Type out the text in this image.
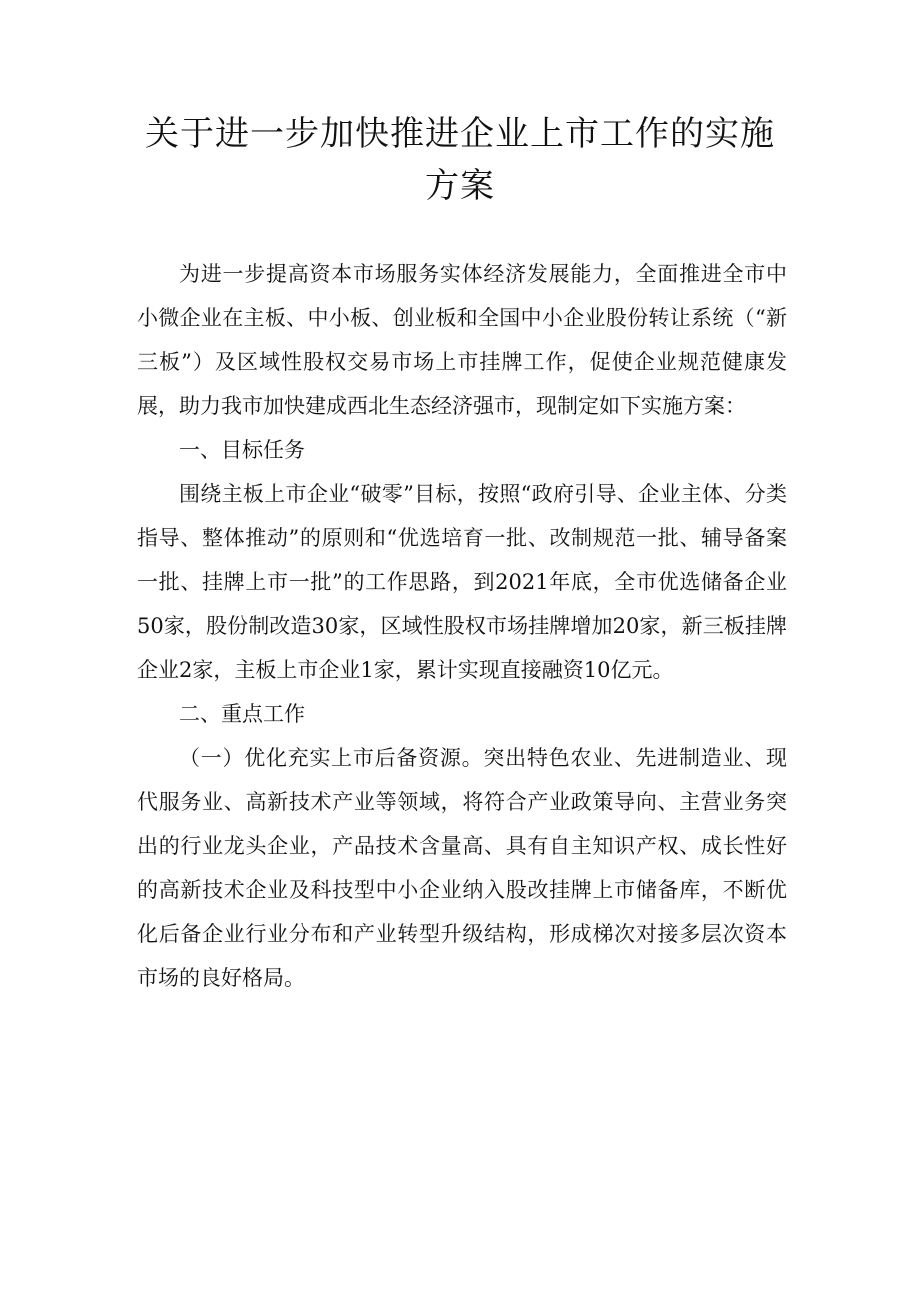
关于进一步加快推进企业上市工作的实施
方案

为进一步提高资本市场服务实体经济发展能力，全面推进全市中小微企业在主板、中小板、创业板和全国中小企业股份转让系统（“新三板”）及区域性股权交易市场上市挂牌工作，促使企业规范健康发展，助力我市加快建成西北生态经济强市，现制定如下实施方案：

一、目标任务

围绕主板上市企业“破零”目标，按照“政府引导、企业主体、分类指导、整体推动”的原则和“优选培育一批、改制规范一批、辅导备案一批、挂牌上市一批”的工作思路，到2021年底，全市优选储备企业50家，股份制改造30家，区域性股权市场挂牌增加20家，新三板挂牌企业2家，主板上市企业1家，累计实现直接融资10亿元。

二、重点工作

（一）优化充实上市后备资源。突出特色农业、先进制造业、现代服务业、高新技术产业等领域，将符合产业政策导向、主营业务突出的行业龙头企业，产品技术含量高、具有自主知识产权、成长性好的高新技术企业及科技型中小企业纳入股改挂牌上市储备库，不断优化后备企业行业分布和产业转型升级结构，形成梯次对接多层次资本市场的良好格局。
